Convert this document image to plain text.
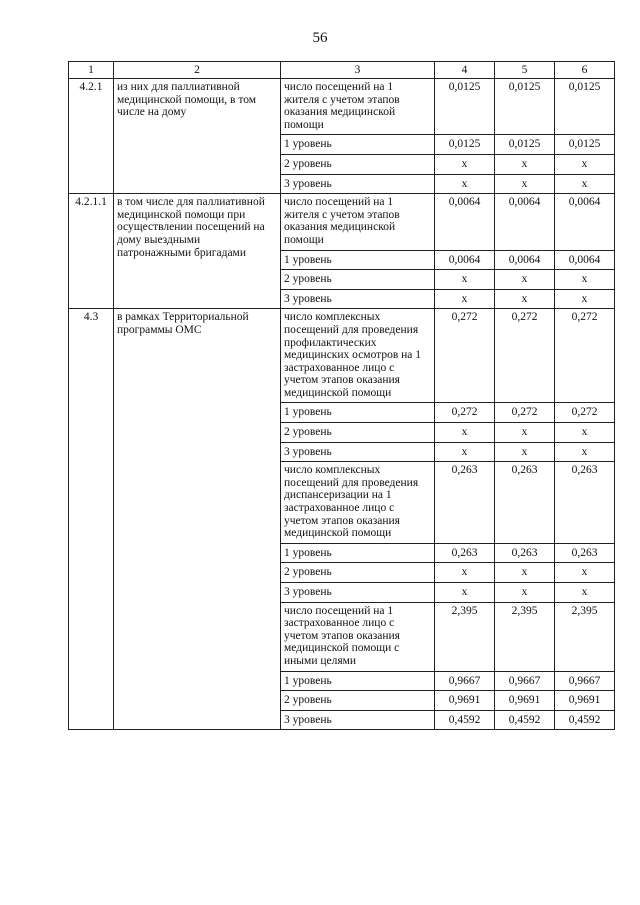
56
1	2	3	4	5	6
4.2.1	из них для паллиативной медицинской помощи, в том числе на дому	число посещений на 1 жителя с учетом этапов оказания медицинской помощи	0,0125	0,0125	0,0125
		1 уровень	0,0125	0,0125	0,0125
		2 уровень	х	х	х
		3 уровень	х	х	х
4.2.1.1	в том числе для паллиативной медицинской помощи при осуществлении посещений на дому выездными патронажными бригадами	число посещений на 1 жителя с учетом этапов оказания медицинской помощи	0,0064	0,0064	0,0064
		1 уровень	0,0064	0,0064	0,0064
		2 уровень	х	х	х
		3 уровень	х	х	х
4.3	в рамках Территориальной программы ОМС	число комплексных посещений для проведения профилактических медицинских осмотров на 1 застрахованное лицо с учетом этапов оказания медицинской помощи	0,272	0,272	0,272
		1 уровень	0,272	0,272	0,272
		2 уровень	х	х	х
		3 уровень	х	х	х
		число комплексных посещений для проведения диспансеризации на 1 застрахованное лицо с учетом этапов оказания медицинской помощи	0,263	0,263	0,263
		1 уровень	0,263	0,263	0,263
		2 уровень	х	х	х
		3 уровень	х	х	х
		число посещений на 1 застрахованное лицо с учетом этапов оказания медицинской помощи с иными целями	2,395	2,395	2,395
		1 уровень	0,9667	0,9667	0,9667
		2 уровень	0,9691	0,9691	0,9691
		3 уровень	0,4592	0,4592	0,4592
